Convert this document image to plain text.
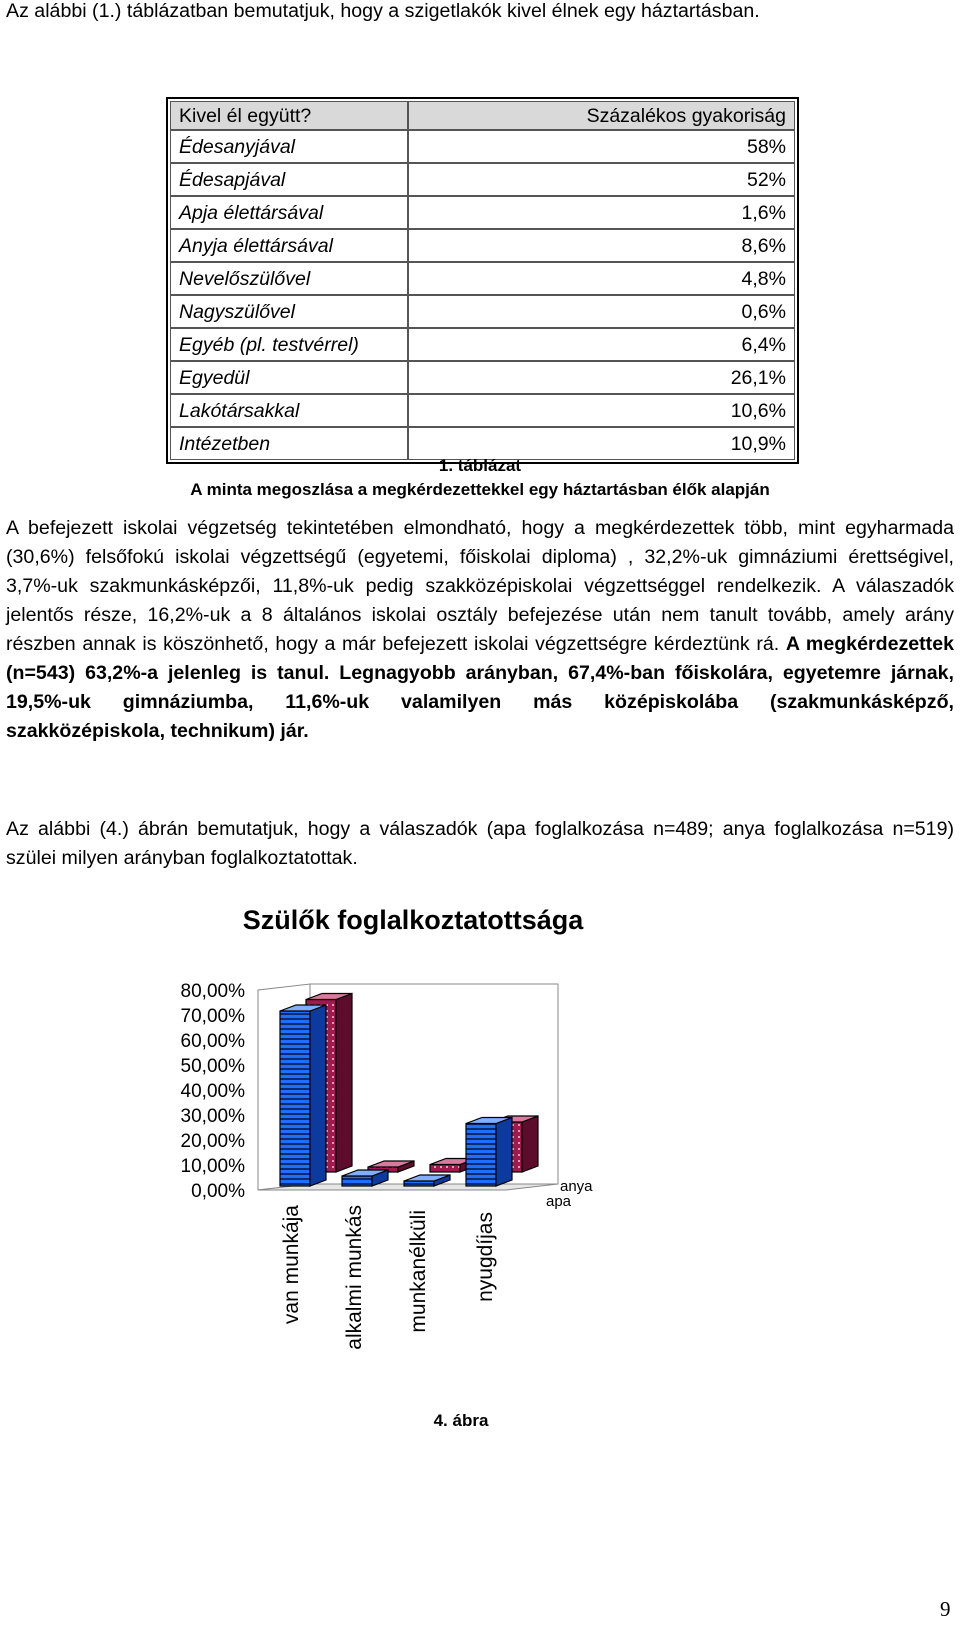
Az alábbi (1.) táblázatban bemutatjuk, hogy a szigetlakók kivel élnek egy háztartásban.

Kivel él együtt?	Százalékos gyakoriság
Édesanyjával	58%
Édesapjával	52%
Apja élettársával	1,6%
Anyja élettársával	8,6%
Nevelőszülővel	4,8%
Nagyszülővel	0,6%
Egyéb (pl. testvérrel)	6,4%
Egyedül	26,1%
Lakótársakkal	10,6%
Intézetben	10,9%
1. táblázat
A minta megoszlása a megkérdezettekkel egy háztartásban élők alapján

A befejezett iskolai végzetség tekintetében elmondható, hogy a megkérdezettek több, mint egyharmada (30,6%) felsőfokú iskolai végzettségű (egyetemi, főiskolai diploma) , 32,2%-uk gimnáziumi érettségivel, 3,7%-uk szakmunkásképzői, 11,8%-uk pedig szakközépiskolai végzettséggel rendelkezik. A válaszadók jelentős része, 16,2%-uk a 8 általános iskolai osztály befejezése után nem tanult tovább, amely arány részben annak is köszönhető, hogy a már befejezett iskolai végzettségre kérdeztünk rá. A megkérdezettek (n=543) 63,2%-a jelenleg is tanul. Legnagyobb arányban, 67,4%-ban főiskolára, egyetemre járnak, 19,5%-uk gimnáziumba, 11,6%-uk valamilyen más középiskolába (szakmunkásképző, szakközépiskola, technikum) jár.

Az alábbi (4.) ábrán bemutatjuk, hogy a válaszadók (apa foglalkozása n=489; anya foglalkozása n=519) szülei milyen arányban foglalkoztatottak.

Szülők foglalkoztatottsága
80,00%
70,00%
60,00%
50,00%
40,00%
30,00%
20,00%
10,00%
0,00%	anya
apa
van munkája alkalmi munkás munkanélküli nyugdíjas
4. ábra
9
